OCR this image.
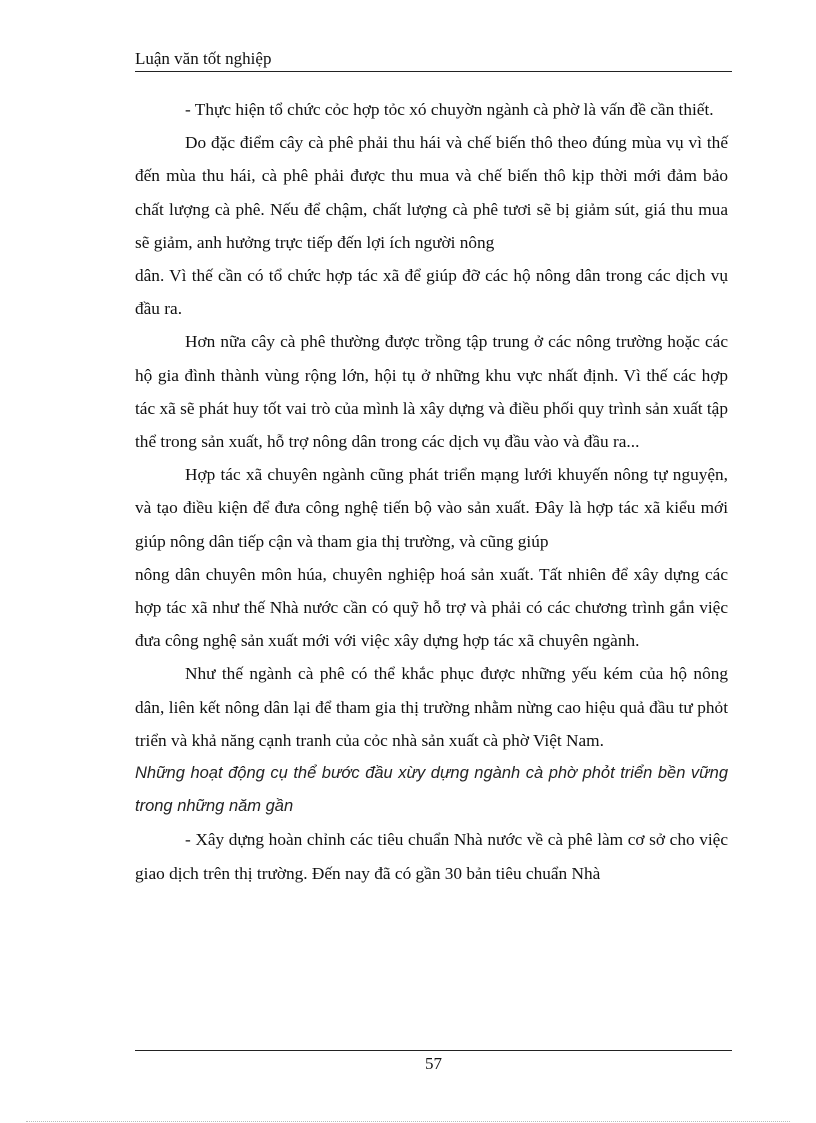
Luận văn tốt nghiệp

- Thực hiện tổ chức cỏc hợp tỏc xó chuyờn ngành cà phờ là vấn đề cần thiết.

Do đặc điểm cây cà phê phải thu hái và chế biến thô theo đúng mùa vụ vì thế đến mùa thu hái, cà phê phải được thu mua và chế biến thô kịp thời mới đảm bảo chất lượng cà phê. Nếu để chậm, chất lượng cà phê tươi sẽ bị giảm sút, giá thu mua sẽ giảm, anh hưởng trực tiếp đến lợi ích người nông

dân. Vì thế cần có tổ chức hợp tác xã để giúp đỡ các hộ nông dân trong các dịch vụ đầu ra.

Hơn nữa cây cà phê thường được trồng tập trung ở các nông trường hoặc các hộ gia đình thành vùng rộng lớn, hội tụ ở những khu vực nhất định. Vì thế các hợp tác xã sẽ phát huy tốt vai trò của mình là xây dựng và điều phối quy trình sản xuất tập thể trong sản xuất, hỗ trợ nông dân trong các dịch vụ đầu vào và đầu ra...

Hợp tác xã chuyên ngành cũng phát triển mạng lưới khuyến nông tự nguyện, và tạo điều kiện để đưa công nghệ tiến bộ vào sản xuất. Đây là hợp tác xã kiểu mới giúp nông dân tiếp cận và tham gia thị trường, và cũng giúp

nông dân chuyên môn húa, chuyên nghiệp hoá sản xuất. Tất nhiên để xây dựng các hợp tác xã như thế Nhà nước cần có quỹ hỗ trợ và phải có các chương trình gắn việc đưa công nghệ sản xuất mới với việc xây dựng hợp tác xã chuyên ngành.

Như thế ngành cà phê có thể khắc phục được những yếu kém của hộ nông dân, liên kết nông dân lại để tham gia thị trường nhằm nừng cao hiệu quả đầu tư phỏt triển và khả năng cạnh tranh của cỏc nhà sản xuất cà phờ Việt Nam.

Những hoạt động cụ thể bước đầu xừy dựng ngành cà phờ phỏt triển bền vững trong những năm gần

- Xây dựng hoàn chỉnh các tiêu chuẩn Nhà nước về cà phê làm cơ sở cho việc giao dịch trên thị trường. Đến nay đã có gần 30 bản tiêu chuẩn Nhà

57
